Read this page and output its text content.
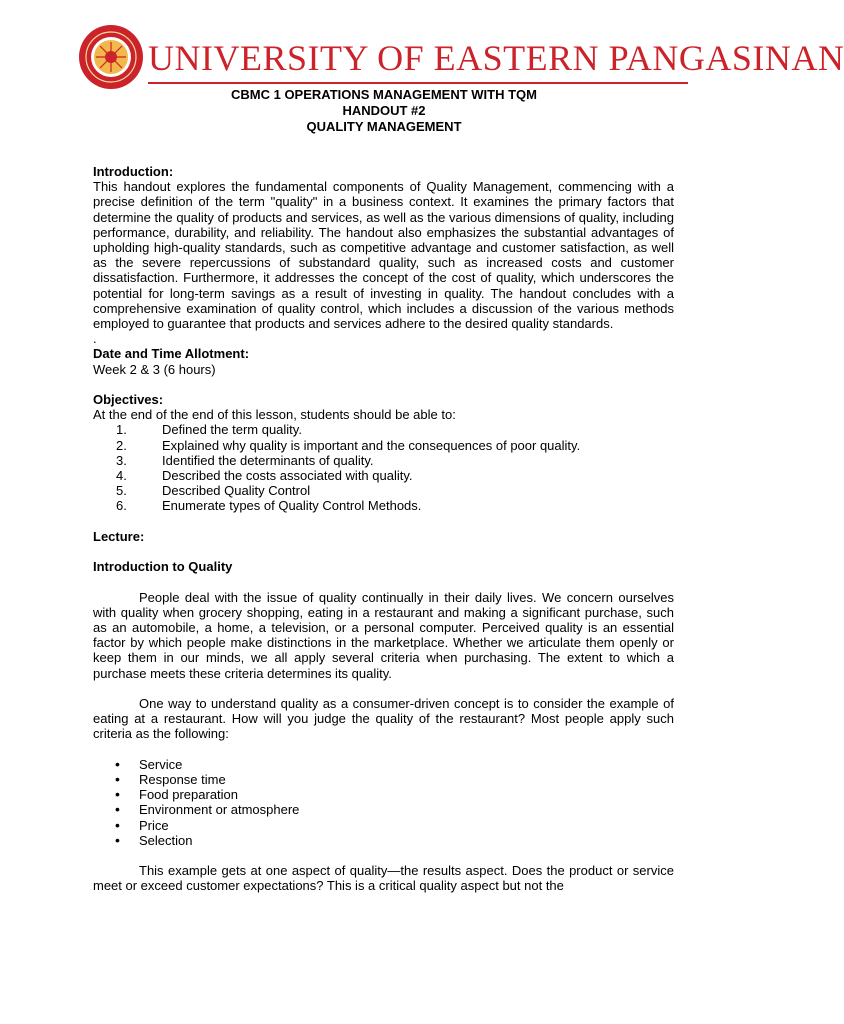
UNIVERSITY OF EASTERN PANGASINAN
CBMC 1 OPERATIONS MANAGEMENT WITH TQM
HANDOUT #2
QUALITY MANAGEMENT
Introduction:
This handout explores the fundamental components of Quality Management, commencing with a precise definition of the term "quality" in a business context. It examines the primary factors that determine the quality of products and services, as well as the various dimensions of quality, including performance, durability, and reliability. The handout also emphasizes the substantial advantages of upholding high-quality standards, such as competitive advantage and customer satisfaction, as well as the severe repercussions of substandard quality, such as increased costs and customer dissatisfaction. Furthermore, it addresses the concept of the cost of quality, which underscores the potential for long-term savings as a result of investing in quality. The handout concludes with a comprehensive examination of quality control, which includes a discussion of the various methods employed to guarantee that products and services adhere to the desired quality standards.
.
Date and Time Allotment:
Week 2 & 3 (6 hours)
Objectives:
At the end of the end of this lesson, students should be able to:
1.	Defined the term quality.
2.	Explained why quality is important and the consequences of poor quality.
3.	Identified the determinants of quality.
4.	Described the costs associated with quality.
5.	Described Quality Control
6.	Enumerate types of Quality Control Methods.
Lecture:
Introduction to Quality
People deal with the issue of quality continually in their daily lives. We concern ourselves with quality when grocery shopping, eating in a restaurant and making a significant purchase, such as an automobile, a home, a television, or a personal computer. Perceived quality is an essential factor by which people make distinctions in the marketplace. Whether we articulate them openly or keep them in our minds, we all apply several criteria when purchasing. The extent to which a purchase meets these criteria determines its quality.
One way to understand quality as a consumer-driven concept is to consider the example of eating at a restaurant. How will you judge the quality of the restaurant? Most people apply such criteria as the following:
• Service
• Response time
• Food preparation
• Environment or atmosphere
• Price
• Selection
This example gets at one aspect of quality—the results aspect. Does the product or service meet or exceed customer expectations? This is a critical quality aspect but not the
